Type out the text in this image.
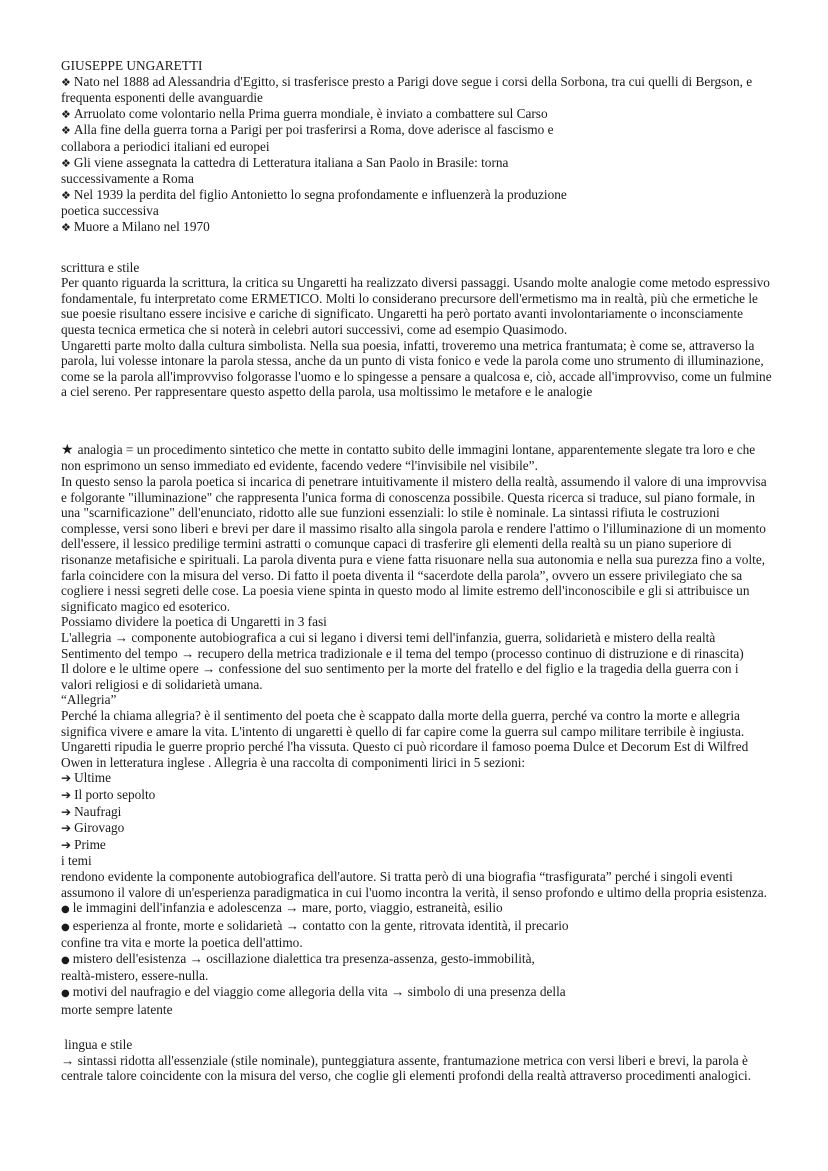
GIUSEPPE UNGARETTI
❖ Nato nel 1888 ad Alessandria d'Egitto, si trasferisce presto a Parigi dove segue i corsi della Sorbona, tra cui quelli di Bergson, e frequenta esponenti delle avanguardie
❖ Arruolato come volontario nella Prima guerra mondiale, è inviato a combattere sul Carso
❖ Alla fine della guerra torna a Parigi per poi trasferirsi a Roma, dove aderisce al fascismo e
collabora a periodici italiani ed europei
❖ Gli viene assegnata la cattedra di Letteratura italiana a San Paolo in Brasile: torna
successivamente a Roma
❖ Nel 1939 la perdita del figlio Antonietto lo segna profondamente e influenzerà la produzione
poetica successiva
❖ Muore a Milano nel 1970
scrittura e stile
Per quanto riguarda la scrittura, la critica su Ungaretti ha realizzato diversi passaggi. Usando molte analogie come metodo espressivo fondamentale, fu interpretato come ERMETICO. Molti lo considerano precursore dell'ermetismo ma in realtà, più che ermetiche le sue poesie risultano essere incisive e cariche di significato. Ungaretti ha però portato avanti involontariamente o inconsciamente questa tecnica ermetica che si noterà in celebri autori successivi, come ad esempio Quasimodo.
Ungaretti parte molto dalla cultura simbolista. Nella sua poesia, infatti, troveremo una metrica frantumata; è come se, attraverso la parola, lui volesse intonare la parola stessa, anche da un punto di vista fonico e vede la parola come uno strumento di illuminazione, come se la parola all'improvviso folgorasse l'uomo e lo spingesse a pensare a qualcosa e, ciò, accade all'improvviso, come un fulmine a ciel sereno. Per rappresentare questo aspetto della parola, usa moltissimo le metafore e le analogie
★ analogia = un procedimento sintetico che mette in contatto subito delle immagini lontane, apparentemente slegate tra loro e che non esprimono un senso immediato ed evidente, facendo vedere “l'invisibile nel visibile”.
In questo senso la parola poetica si incarica di penetrare intuitivamente il mistero della realtà, assumendo il valore di una improvvisa e folgorante "illuminazione" che rappresenta l'unica forma di conoscenza possibile. Questa ricerca si traduce, sul piano formale, in una "scarnificazione" dell'enunciato, ridotto alle sue funzioni essenziali: lo stile è nominale. La sintassi rifiuta le costruzioni complesse, versi sono liberi e brevi per dare il massimo risalto alla singola parola e rendere l'attimo o l'illuminazione di un momento dell'essere, il lessico predilige termini astratti o comunque capaci di trasferire gli elementi della realtà su un piano superiore di risonanze metafisiche e spirituali. La parola diventa pura e viene fatta risuonare nella sua autonomia e nella sua purezza fino a volte, farla coincidere con la misura del verso. Di fatto il poeta diventa il “sacerdote della parola”, ovvero un essere privilegiato che sa cogliere i nessi segreti delle cose. La poesia viene spinta in questo modo al limite estremo dell'inconoscibile e gli si attribuisce un significato magico ed esoterico.
Possiamo dividere la poetica di Ungaretti in 3 fasi
L'allegria → componente autobiografica a cui si legano i diversi temi dell'infanzia, guerra, solidarietà e mistero della realtà
Sentimento del tempo → recupero della metrica tradizionale e il tema del tempo (processo continuo di distruzione e di rinascita)
Il dolore e le ultime opere → confessione del suo sentimento per la morte del fratello e del figlio e la tragedia della guerra con i valori religiosi e di solidarietà umana.
“Allegria”
Perché la chiama allegria? è il sentimento del poeta che è scappato dalla morte della guerra, perché va contro la morte e allegria significa vivere e amare la vita. L'intento di ungaretti è quello di far capire come la guerra sul campo militare terribile è ingiusta. Ungaretti ripudia le guerre proprio perché l'ha vissuta. Questo ci può ricordare il famoso poema Dulce et Decorum Est di Wilfred Owen in letteratura inglese . Allegria è una raccolta di componimenti lirici in 5 sezioni:
➔ Ultime
➔ Il porto sepolto
➔ Naufragi
➔ Girovago
➔ Prime
i temi
rendono evidente la componente autobiografica dell'autore. Si tratta però di una biografia “trasfigurata” perché i singoli eventi assumono il valore di un'esperienza paradigmatica in cui l'uomo incontra la verità, il senso profondo e ultimo della propria esistenza.
● le immagini dell'infanzia e adolescenza → mare, porto, viaggio, estraneità, esilio
● esperienza al fronte, morte e solidarietà → contatto con la gente, ritrovata identità, il precario
confine tra vita e morte la poetica dell'attimo.
● mistero dell'esistenza → oscillazione dialettica tra presenza-assenza, gesto-immobilità,
realtà-mistero, essere-nulla.
● motivi del naufragio e del viaggio come allegoria della vita → simbolo di una presenza della
morte sempre latente
lingua e stile
→ sintassi ridotta all'essenziale (stile nominale), punteggiatura assente, frantumazione metrica con versi liberi e brevi, la parola è centrale talore coincidente con la misura del verso, che coglie gli elementi profondi della realtà attraverso procedimenti analogici.
